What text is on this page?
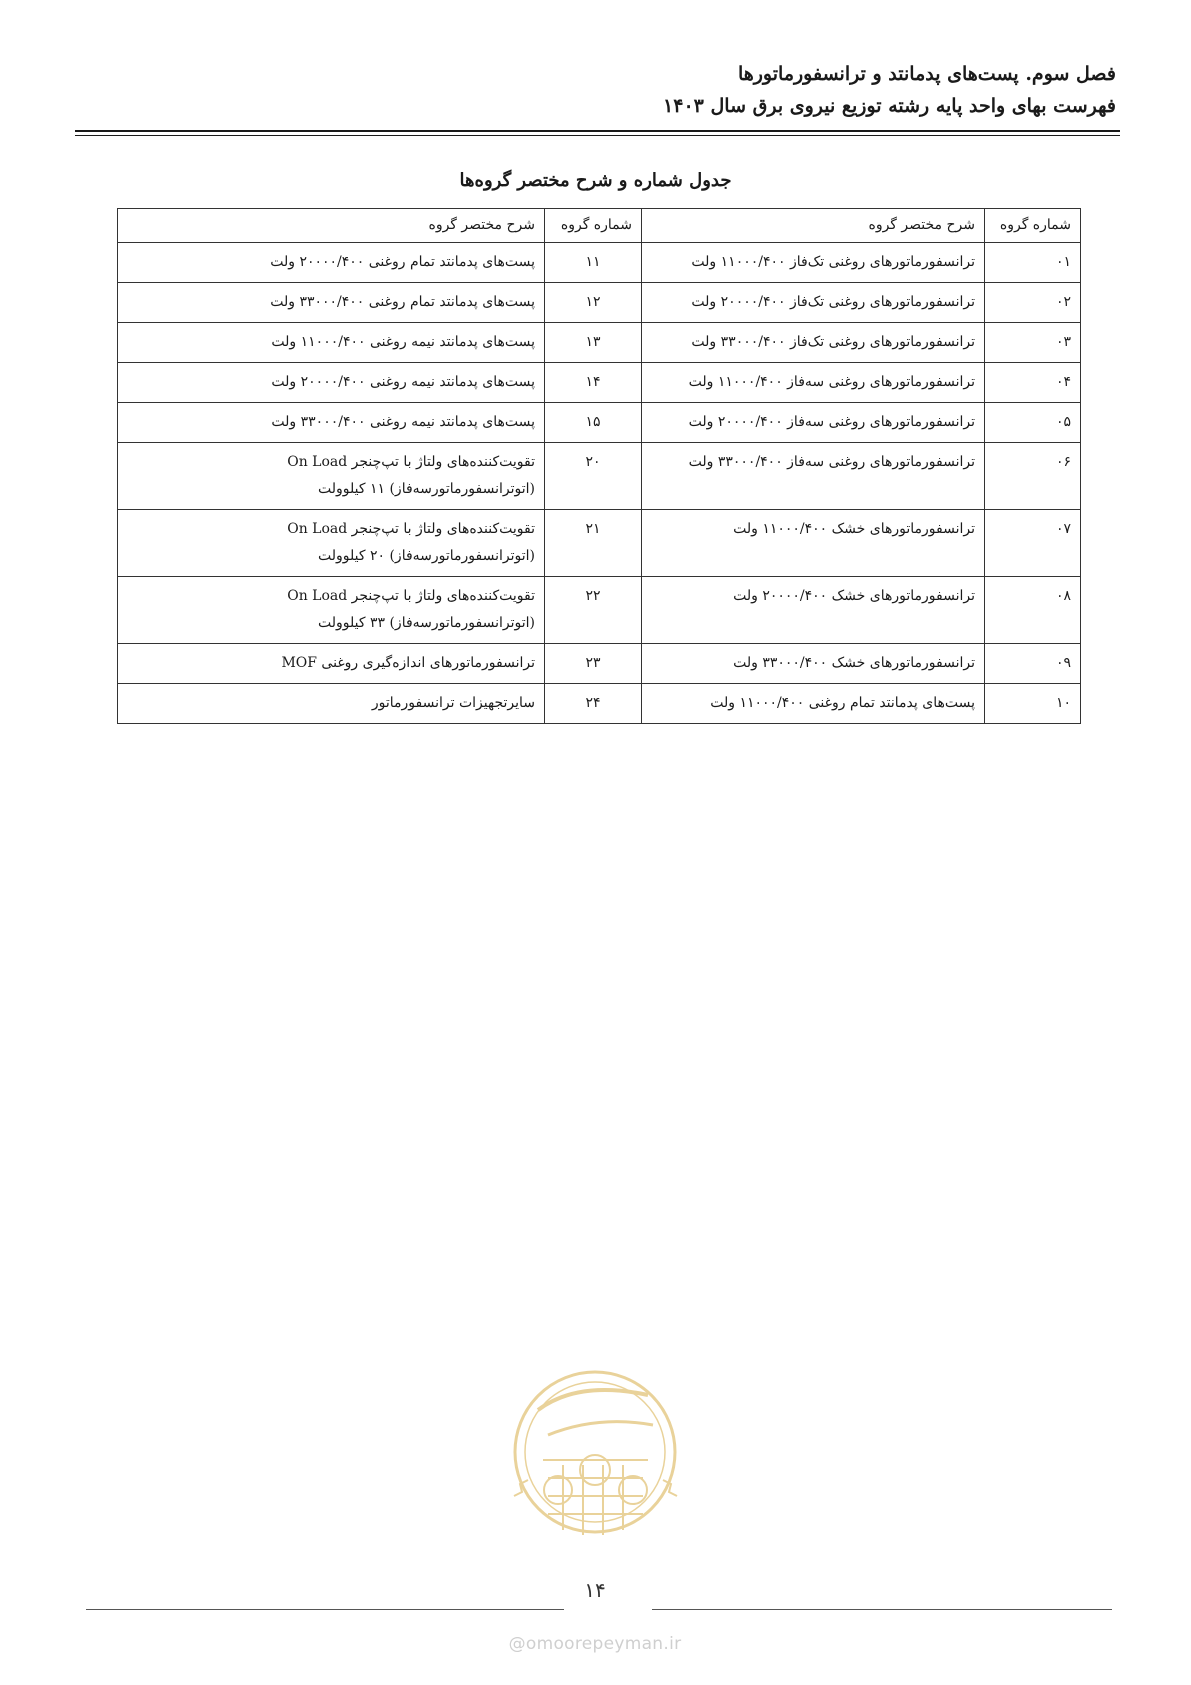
فصل سوم. پست‌های پدمانتد و ترانسفورماتورها
فهرست بهای واحد پایه رشته توزیع نیروی برق سال ۱۴۰۳
جدول شماره و شرح مختصر گروه‌ها
شماره گروه	شرح مختصر گروه	شماره گروه	شرح مختصر گروه
۰۱	ترانسفورماتورهای روغنی تک‌فاز ۱۱۰۰۰/۴۰۰ ولت	۱۱	پست‌های پدمانتد تمام روغنی ۲۰۰۰۰/۴۰۰ ولت

۰۲	ترانسفورماتورهای روغنی تک‌فاز ۲۰۰۰۰/۴۰۰ ولت	۱۲	پست‌های پدمانتد تمام روغنی ۳۳۰۰۰/۴۰۰ ولت

۰۳	ترانسفورماتورهای روغنی تک‌فاز ۳۳۰۰۰/۴۰۰ ولت	۱۳	پست‌های پدمانتد نیمه روغنی ۱۱۰۰۰/۴۰۰ ولت

۰۴	ترانسفورماتورهای روغنی سه‌فاز ۱۱۰۰۰/۴۰۰ ولت	۱۴	پست‌های پدمانتد نیمه روغنی ۲۰۰۰۰/۴۰۰ ولت

۰۵	ترانسفورماتورهای روغنی سه‌فاز ۲۰۰۰۰/۴۰۰ ولت	۱۵	پست‌های پدمانتد نیمه روغنی ۳۳۰۰۰/۴۰۰ ولت

۰۶	ترانسفورماتورهای روغنی سه‌فاز ۳۳۰۰۰/۴۰۰ ولت	۲۰	تقویت‌کننده‌های ولتاژ با تپ‌چنجر On Load
(اتوترانسفورماتورسه‌فاز) ۱۱ کیلوولت

۰۷	ترانسفورماتورهای خشک ۱۱۰۰۰/۴۰۰ ولت	۲۱	تقویت‌کننده‌های ولتاژ با تپ‌چنجر On Load
(اتوترانسفورماتورسه‌فاز) ۲۰ کیلوولت

۰۸	ترانسفورماتورهای خشک ۲۰۰۰۰/۴۰۰ ولت	۲۲	تقویت‌کننده‌های ولتاژ با تپ‌چنجر On Load
(اتوترانسفورماتورسه‌فاز) ۳۳ کیلوولت

۰۹	ترانسفورماتورهای خشک ۳۳۰۰۰/۴۰۰ ولت	۲۳	ترانسفورماتورهای اندازه‌گیری روغنی MOF

۱۰	پست‌های پدمانتد تمام روغنی ۱۱۰۰۰/۴۰۰ ولت	۲۴	سایرتجهیزات ترانسفورماتور
۱۴
@omoorepeyman.ir
